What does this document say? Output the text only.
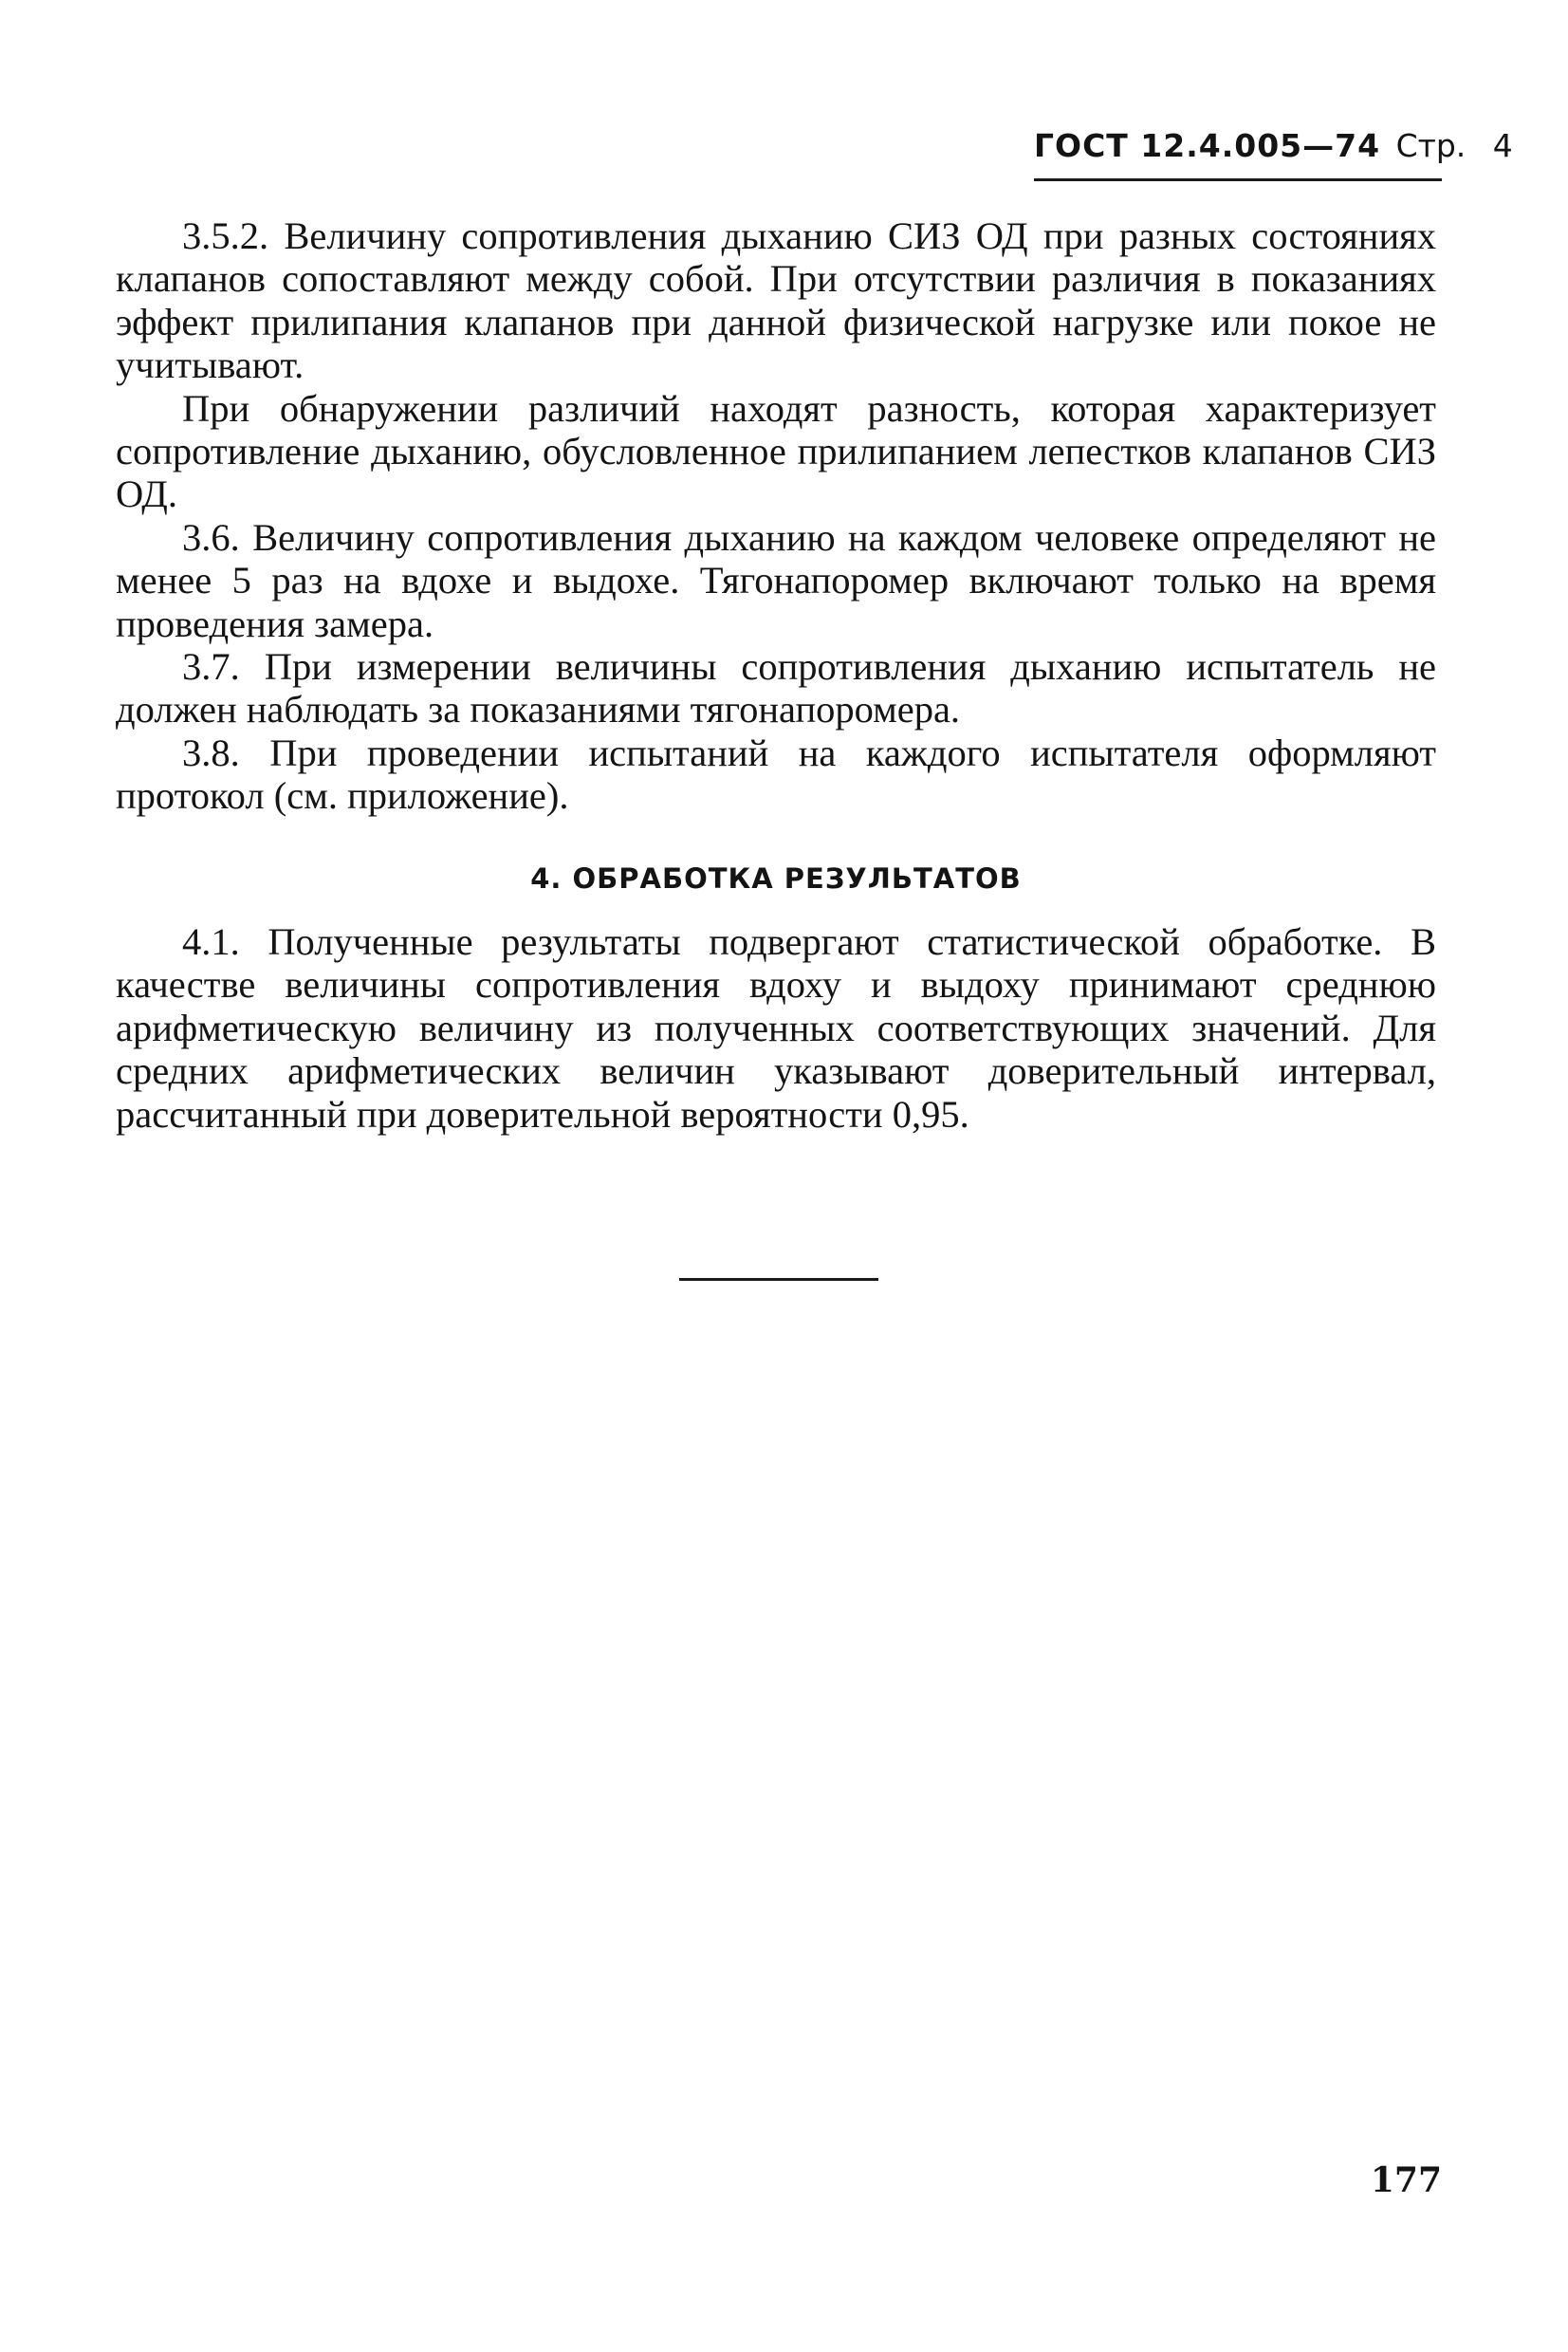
ГОСТ 12.4.005—74 Стр. 4

3.5.2. Величину сопротивления дыханию СИЗ ОД при разных состояниях клапанов сопоставляют между собой. При отсутствии различия в показаниях эффект прилипания клапанов при данной физической нагрузке или покое не учитывают.

При обнаружении различий находят разность, которая характеризует сопротивление дыханию, обусловленное прилипанием лепестков клапанов СИЗ ОД.

3.6. Величину сопротивления дыханию на каждом человеке определяют не менее 5 раз на вдохе и выдохе. Тягонапоромер включают только на время проведения замера.

3.7. При измерении величины сопротивления дыханию испытатель не должен наблюдать за показаниями тягонапоромера.

3.8. При проведении испытаний на каждого испытателя оформляют протокол (см. приложение).

4. ОБРАБОТКА РЕЗУЛЬТАТОВ

4.1. Полученные результаты подвергают статистической обработке. В качестве величины сопротивления вдоху и выдоху принимают среднюю арифметическую величину из полученных соответствующих значений. Для средних арифметических величин указывают доверительный интервал, рассчитанный при доверительной вероятности 0,95.

177
